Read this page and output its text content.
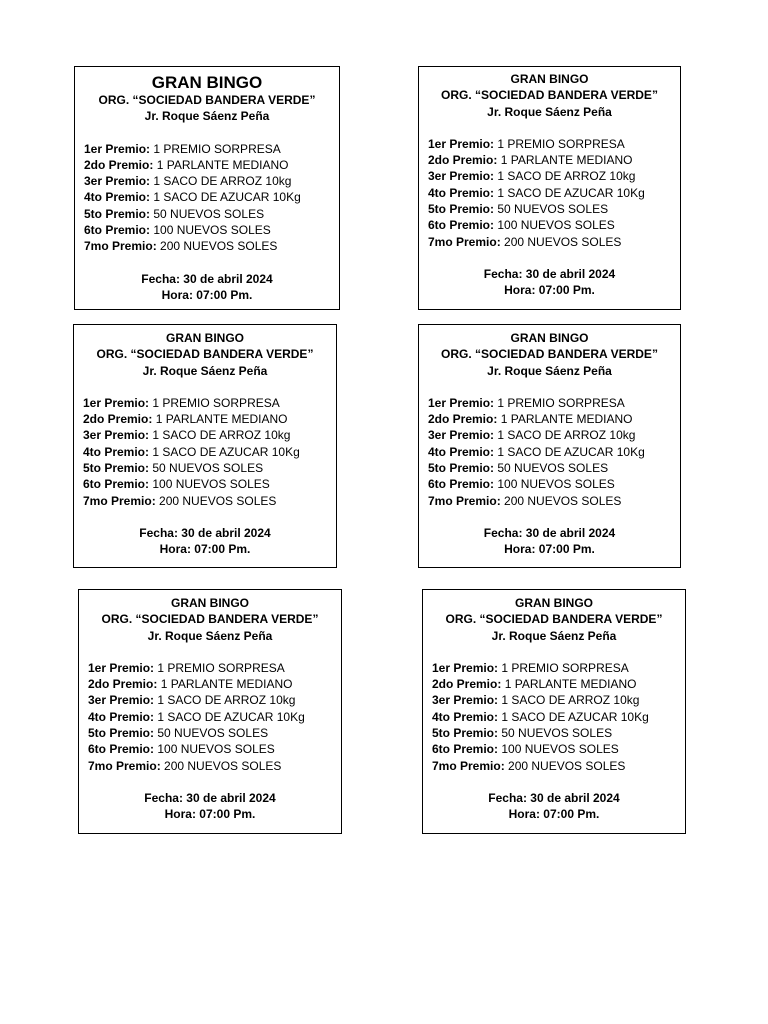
GRAN BINGO
ORG. “SOCIEDAD BANDERA VERDE”
Jr. Roque Sáenz Peña
1er Premio: 1 PREMIO SORPRESA
2do Premio: 1 PARLANTE MEDIANO
3er Premio: 1 SACO DE ARROZ 10kg
4to Premio: 1 SACO DE AZUCAR 10Kg
5to Premio: 50 NUEVOS SOLES
6to Premio: 100 NUEVOS SOLES
7mo Premio: 200 NUEVOS SOLES
Fecha: 30 de abril 2024
Hora: 07:00 Pm.
GRAN BINGO
ORG. “SOCIEDAD BANDERA VERDE”
Jr. Roque Sáenz Peña
1er Premio: 1 PREMIO SORPRESA
2do Premio: 1 PARLANTE MEDIANO
3er Premio: 1 SACO DE ARROZ 10kg
4to Premio: 1 SACO DE AZUCAR 10Kg
5to Premio: 50 NUEVOS SOLES
6to Premio: 100 NUEVOS SOLES
7mo Premio: 200 NUEVOS SOLES
Fecha: 30 de abril 2024
Hora: 07:00 Pm.
GRAN BINGO
ORG. “SOCIEDAD BANDERA VERDE”
Jr. Roque Sáenz Peña
1er Premio: 1 PREMIO SORPRESA
2do Premio: 1 PARLANTE MEDIANO
3er Premio: 1 SACO DE ARROZ 10kg
4to Premio: 1 SACO DE AZUCAR 10Kg
5to Premio: 50 NUEVOS SOLES
6to Premio: 100 NUEVOS SOLES
7mo Premio: 200 NUEVOS SOLES
Fecha: 30 de abril 2024
Hora: 07:00 Pm.
GRAN BINGO
ORG. “SOCIEDAD BANDERA VERDE”
Jr. Roque Sáenz Peña
1er Premio: 1 PREMIO SORPRESA
2do Premio: 1 PARLANTE MEDIANO
3er Premio: 1 SACO DE ARROZ 10kg
4to Premio: 1 SACO DE AZUCAR 10Kg
5to Premio: 50 NUEVOS SOLES
6to Premio: 100 NUEVOS SOLES
7mo Premio: 200 NUEVOS SOLES
Fecha: 30 de abril 2024
Hora: 07:00 Pm.
GRAN BINGO
ORG. “SOCIEDAD BANDERA VERDE”
Jr. Roque Sáenz Peña
1er Premio: 1 PREMIO SORPRESA
2do Premio: 1 PARLANTE MEDIANO
3er Premio: 1 SACO DE ARROZ 10kg
4to Premio: 1 SACO DE AZUCAR 10Kg
5to Premio: 50 NUEVOS SOLES
6to Premio: 100 NUEVOS SOLES
7mo Premio: 200 NUEVOS SOLES
Fecha: 30 de abril 2024
Hora: 07:00 Pm.
GRAN BINGO
ORG. “SOCIEDAD BANDERA VERDE”
Jr. Roque Sáenz Peña
1er Premio: 1 PREMIO SORPRESA
2do Premio: 1 PARLANTE MEDIANO
3er Premio: 1 SACO DE ARROZ 10kg
4to Premio: 1 SACO DE AZUCAR 10Kg
5to Premio: 50 NUEVOS SOLES
6to Premio: 100 NUEVOS SOLES
7mo Premio: 200 NUEVOS SOLES
Fecha: 30 de abril 2024
Hora: 07:00 Pm.
